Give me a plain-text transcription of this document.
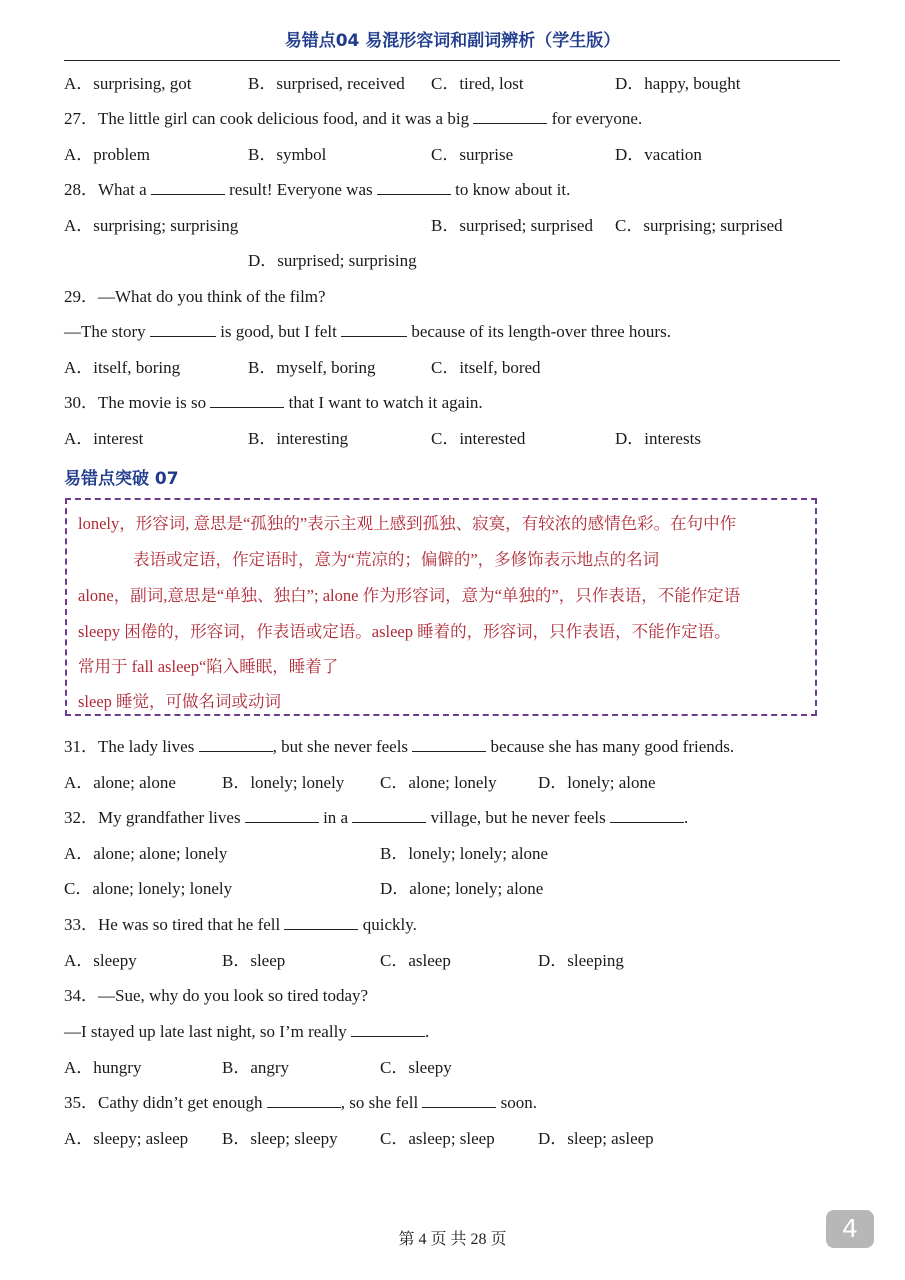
易错点04 易混形容词和副词辨析（学生版）
A．surprising, got	B．surprised, received C．tired, lost	D．happy, bought
27．The little girl can cook delicious food, and it was a big	for everyone.
A．problem	B．symbol	C．surprise	D．vacation
28．What a	result! Everyone was	to know about it.
A．surprising; surprising	B．surprised; surprised C．surprising; surprised
D．surprised; surprising
29．—What do you think of the film?
—The story	is good, but I felt	because of its length-over three hours.
A．itself, boring	B．myself, boring	C．itself, bored
30．The movie is so	that I want to watch it again.
A．interest	B．interesting	C．interested	D．interests
易错点突破 07
lonely，形容词, 意思是“孤独的”表示主观上感到孤独、寂寞，有较浓的感情色彩。在句中作
表语或定语，作定语时，意为“荒凉的；偏僻的”，多修饰表示地点的名词
alone，副词,意思是“单独、独白”; alone 作为形容词，意为“单独的”，只作表语，不能作定语
sleepy 困倦的，形容词，作表语或定语。asleep 睡着的，形容词，只作表语，不能作定语。
常用于 fall asleep“陷入睡眠，睡着了
sleep 睡觉，可做名词或动词
31．The lady lives	, but she never feels	because she has many good friends.
A．alone; alone	B．lonely; lonely C．alone; lonely D．lonely; alone
32．My grandfather lives	in a	village, but he never feels	.
A．alone; alone; lonely	B．lonely; lonely; alone
C．alone; lonely; lonely	D．alone; lonely; alone
33．He was so tired that he fell	quickly.
A．sleepy	B．sleep	C．asleep	D．sleeping
34．—Sue, why do you look so tired today?
—I stayed up late last night, so I’m really	.
A．hungry	B．angry	C．sleepy
35．Cathy didn’t get enough	, so she fell	soon.
A．sleepy; asleep B．sleep; sleepy C．asleep; sleep	D．sleep; asleep
第 4 页 共 28 页	4
